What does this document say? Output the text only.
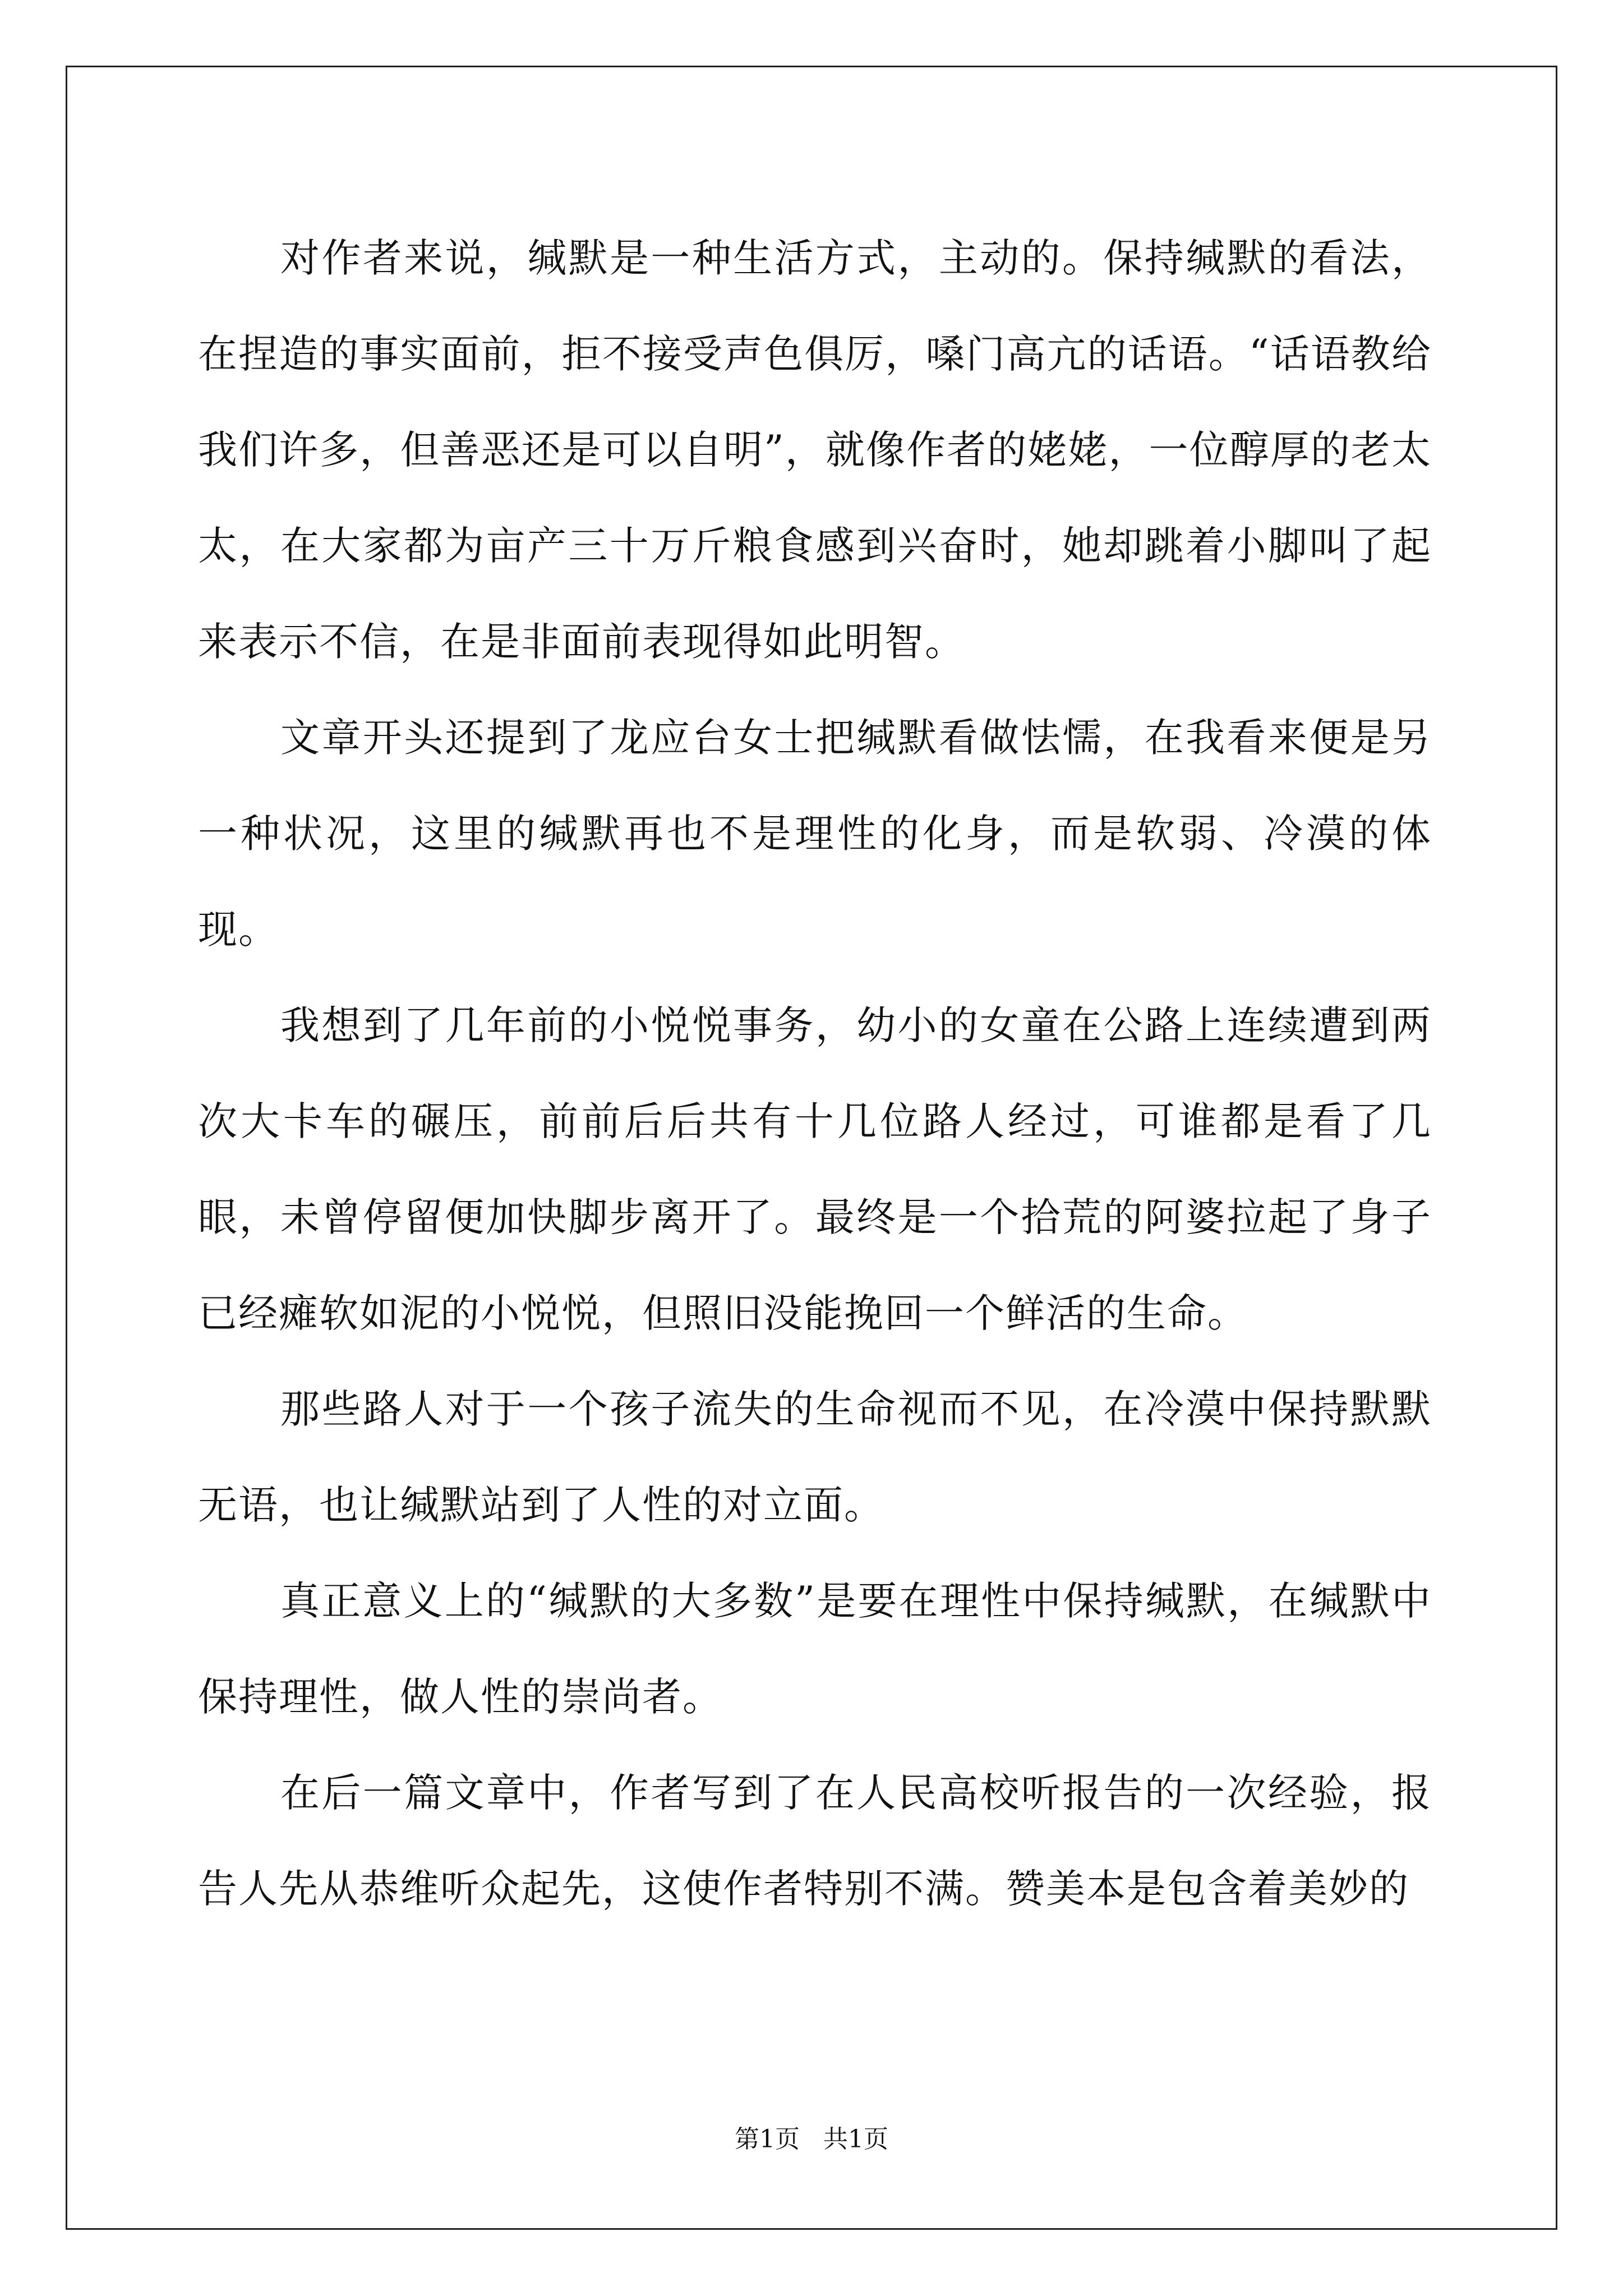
对作者来说，缄默是一种生活方式，主动的。保持缄默的看法，在捏造的事实面前，拒不接受声色俱厉，嗓门高亢的话语。“话语教给我们许多，但善恶还是可以自明”，就像作者的姥姥，一位醇厚的老太太，在大家都为亩产三十万斤粮食感到兴奋时，她却跳着小脚叫了起来表示不信，在是非面前表现得如此明智。

文章开头还提到了龙应台女士把缄默看做怯懦，在我看来便是另一种状况，这里的缄默再也不是理性的化身，而是软弱、冷漠的体现。

我想到了几年前的小悦悦事务，幼小的女童在公路上连续遭到两次大卡车的碾压，前前后后共有十几位路人经过，可谁都是看了几眼，未曾停留便加快脚步离开了。最终是一个拾荒的阿婆拉起了身子已经瘫软如泥的小悦悦，但照旧没能挽回一个鲜活的生命。

那些路人对于一个孩子流失的生命视而不见，在冷漠中保持默默无语，也让缄默站到了人性的对立面。

真正意义上的“缄默的大多数”是要在理性中保持缄默，在缄默中保持理性，做人性的崇尚者。

在后一篇文章中，作者写到了在人民高校听报告的一次经验，报告人先从恭维听众起先，这使作者特别不满。赞美本是包含着美妙的

第1页   共1页
